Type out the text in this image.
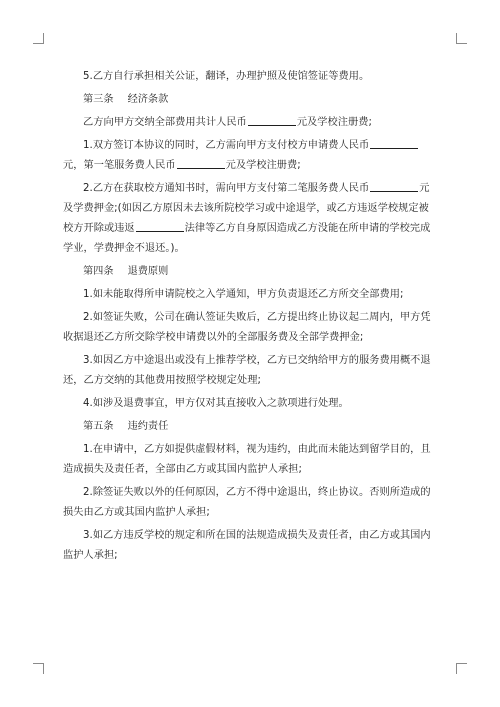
5.乙方自行承担相关公证，翻译，办理护照及使馆签证等费用。

第三条 经济条款

乙方向甲方交纳全部费用共计人民币	元及学校注册费;

1.双方签订本协议的同时，乙方需向甲方支付校方申请费人民币元，第一笔服务费人民币	元及学校注册费;

2.乙方在获取校方通知书时，需向甲方支付第二笔服务费人民币	元及学费押金;(如因乙方原因未去该所院校学习或中途退学，或乙方违返学校规定被校方开除或违返	法律等乙方自身原因造成乙方没能在所申请的学校完成学业，学费押金不退还。)。

第四条 退费原则

1.如未能取得所申请院校之入学通知，甲方负责退还乙方所交全部费用;

2.如签证失败，公司在确认签证失败后，乙方提出终止协议起二周内，甲方凭收据退还乙方所交除学校申请费以外的全部服务费及全部学费押金;

3.如因乙方中途退出或没有上推荐学校，乙方已交纳给甲方的服务费用概不退还，乙方交纳的其他费用按照学校规定处理;

4.如涉及退费事宜，甲方仅对其直接收入之款项进行处理。

第五条 违约责任

1.在申请中，乙方如提供虚假材料，视为违约，由此而未能达到留学目的，且造成损失及责任者，全部由乙方或其国内监护人承担;

2.除签证失败以外的任何原因，乙方不得中途退出，终止协议。否则所造成的损失由乙方或其国内监护人承担;

3.如乙方违反学校的规定和所在国的法规造成损失及责任者，由乙方或其国内监护人承担;
